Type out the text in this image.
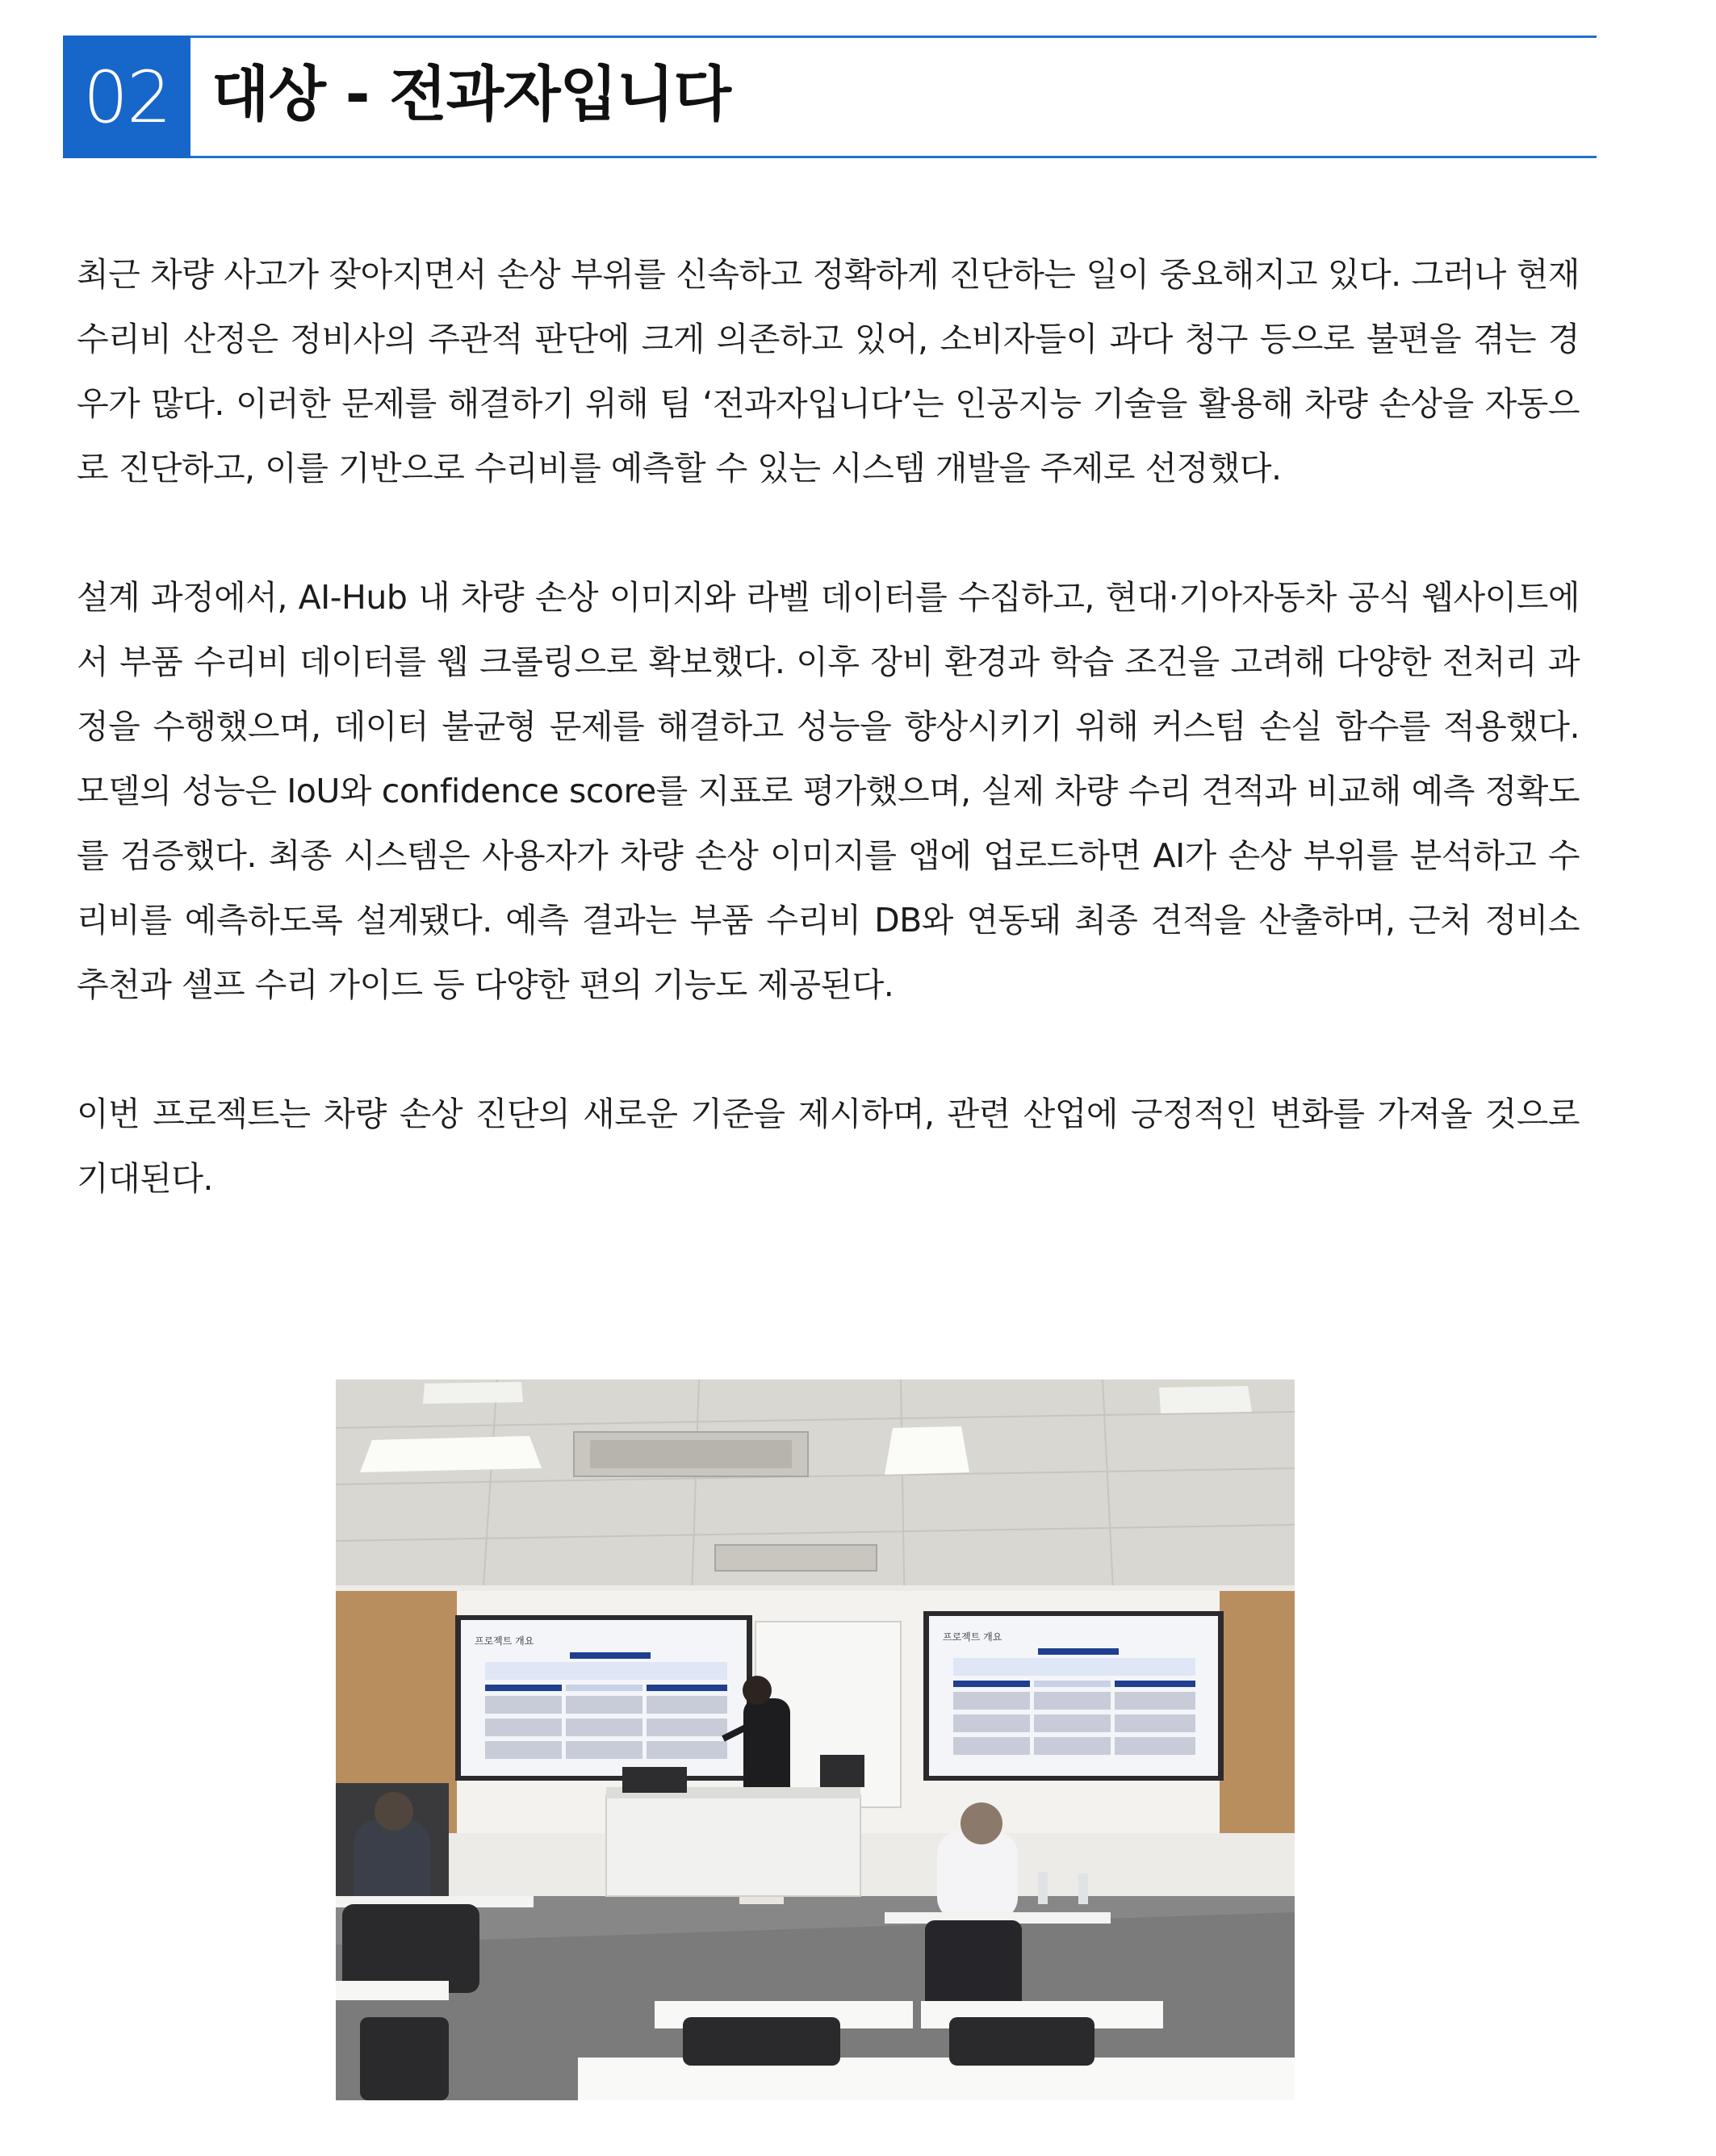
02 대상 - 전과자입니다

최근 차량 사고가 잦아지면서 손상 부위를 신속하고 정확하게 진단하는 일이 중요해지고 있다. 그러나 현재 수리비 산정은 정비사의 주관적 판단에 크게 의존하고 있어, 소비자들이 과다 청구 등으로 불편을 겪는 경우가 많다. 이러한 문제를 해결하기 위해 팀 ‘전과자입니다’는 인공지능 기술을 활용해 차량 손상을 자동으로 진단하고, 이를 기반으로 수리비를 예측할 수 있는 시스템 개발을 주제로 선정했다.

설계 과정에서, AI-Hub 내 차량 손상 이미지와 라벨 데이터를 수집하고, 현대·기아자동차 공식 웹사이트에서 부품 수리비 데이터를 웹 크롤링으로 확보했다. 이후 장비 환경과 학습 조건을 고려해 다양한 전처리 과정을 수행했으며, 데이터 불균형 문제를 해결하고 성능을 향상시키기 위해 커스텀 손실 함수를 적용했다. 모델의 성능은 IoU와 confidence score를 지표로 평가했으며, 실제 차량 수리 견적과 비교해 예측 정확도를 검증했다. 최종 시스템은 사용자가 차량 손상 이미지를 앱에 업로드하면 AI가 손상 부위를 분석하고 수리비를 예측하도록 설계됐다. 예측 결과는 부품 수리비 DB와 연동돼 최종 견적을 산출하며, 근처 정비소 추천과 셀프 수리 가이드 등 다양한 편의 기능도 제공된다.

이번 프로젝트는 차량 손상 진단의 새로운 기준을 제시하며, 관련 산업에 긍정적인 변화를 가져올 것으로 기대된다.

프로젝트 개요	프로젝트 개요
